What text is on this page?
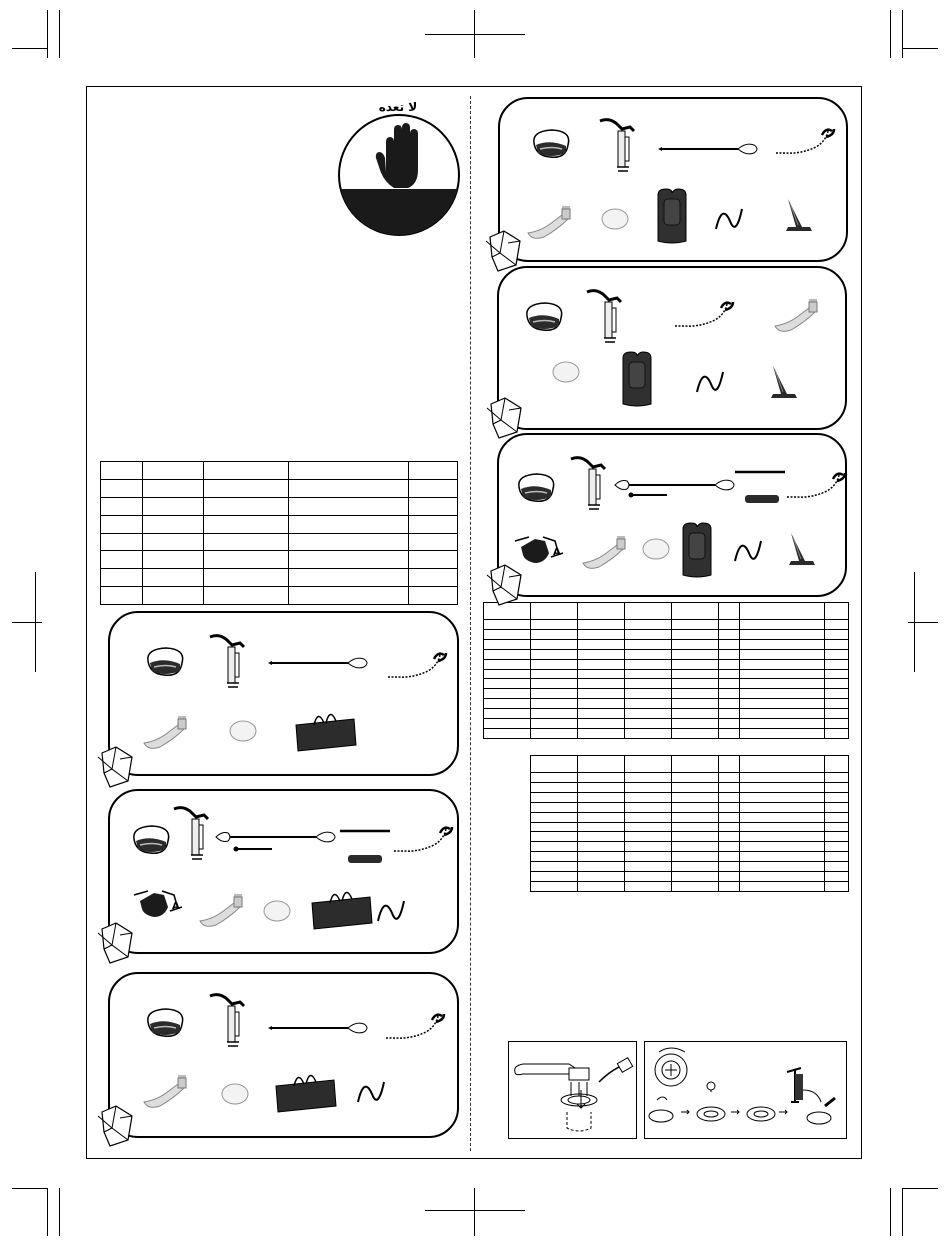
لا تعده

A
